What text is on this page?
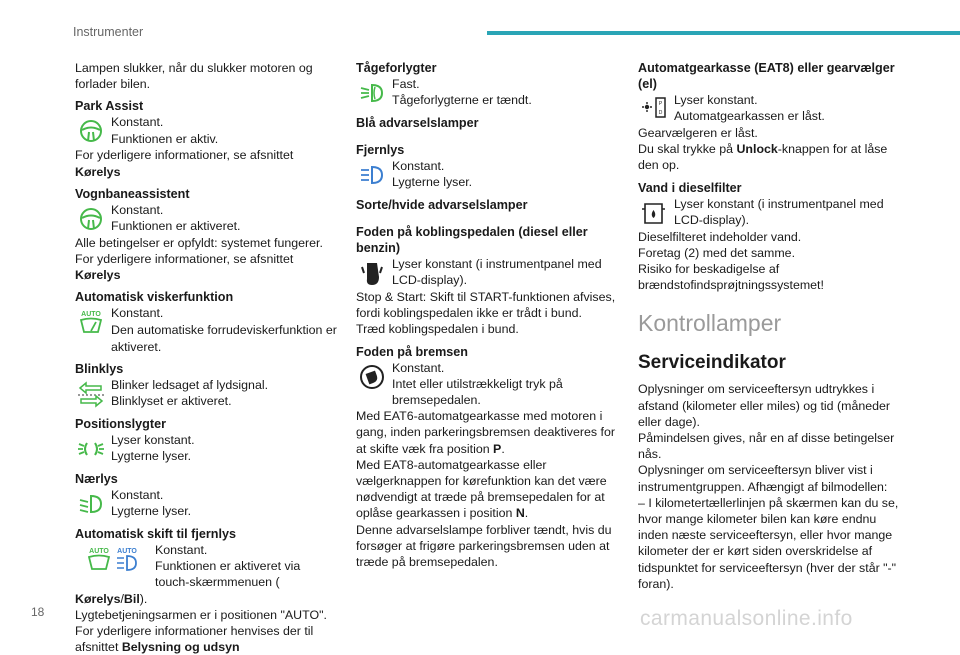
Instrumenter
Lampen slukker, når du slukker motoren og forlader bilen.
Park Assist
Konstant.
Funktionen er aktiv.
For yderligere informationer, se afsnittet Kørelys
Vognbaneassistent
Konstant.
Funktionen er aktiveret.
Alle betingelser er opfyldt: systemet fungerer.
For yderligere informationer, se afsnittet Kørelys
Automatisk viskerfunktion
AUTO Konstant.
Den automatiske forrudeviskerfunktion er aktiveret.
Blinklys
Blinker ledsaget af lydsignal.
Blinklyset er aktiveret.
Positionslygter
Lyser konstant.
Lygterne lyser.
Nærlys
Konstant.
Lygterne lyser.
Automatisk skift til fjernlys
AUTO AUTO Konstant.
Funktionen er aktiveret via touch-skærmmenuen (
Kørelys/Bil).
Lygtebetjeningsarmen er i positionen "AUTO".
For yderligere informationer henvises der til afsnittet Belysning og udsyn
Tågeforlygter
Fast.
Tågeforlygterne er tændt.
Blå advarselslamper
Fjernlys
Konstant.
Lygterne lyser.
Sorte/hvide advarselslamper
Foden på koblingspedalen (diesel eller benzin)
Lyser konstant (i instrumentpanel med LCD-display).
Stop & Start: Skift til START-funktionen afvises, fordi koblingspedalen ikke er trådt i bund.
Træd koblingspedalen i bund.
Foden på bremsen
Konstant.
Intet eller utilstrækkeligt tryk på bremsepedalen.
Med EAT6-automatgearkasse med motoren i gang, inden parkeringsbremsen deaktiveres for at skifte væk fra position P.
Med EAT8-automatgearkasse eller vælgerknappen for kørefunktion kan det være nødvendigt at træde på bremsepedalen for at oplåse gearkassen i position N.
Denne advarselslampe forbliver tændt, hvis du forsøger at frigøre parkeringsbremsen uden at træde på bremsepedalen.
Automatgearkasse (EAT8) eller gearvælger (el)
P
D
Lyser konstant.
Automatgearkassen er låst.
Gearvælgeren er låst.
Du skal trykke på Unlock-knappen for at låse den op.
Vand i dieselfilter
Lyser konstant (i instrumentpanel med LCD-display).
Dieselfilteret indeholder vand.
Foretag (2) med det samme.
Risiko for beskadigelse af brændstofindsprøjtningssystemet!
Kontrollamper
Serviceindikator
Oplysninger om serviceeftersyn udtrykkes i afstand (kilometer eller miles) og tid (måneder eller dage).
Påmindelsen gives, når en af disse betingelser nås.
Oplysninger om serviceeftersyn bliver vist i instrumentgruppen. Afhængigt af bilmodellen:
– I kilometertællerlinjen på skærmen kan du se, hvor mange kilometer bilen kan køre endnu inden næste serviceeftersyn, eller hvor mange kilometer der er kørt siden overskridelse af tidspunktet for serviceeftersyn (hver der står "-" foran).
18	carmanualsonline.info
